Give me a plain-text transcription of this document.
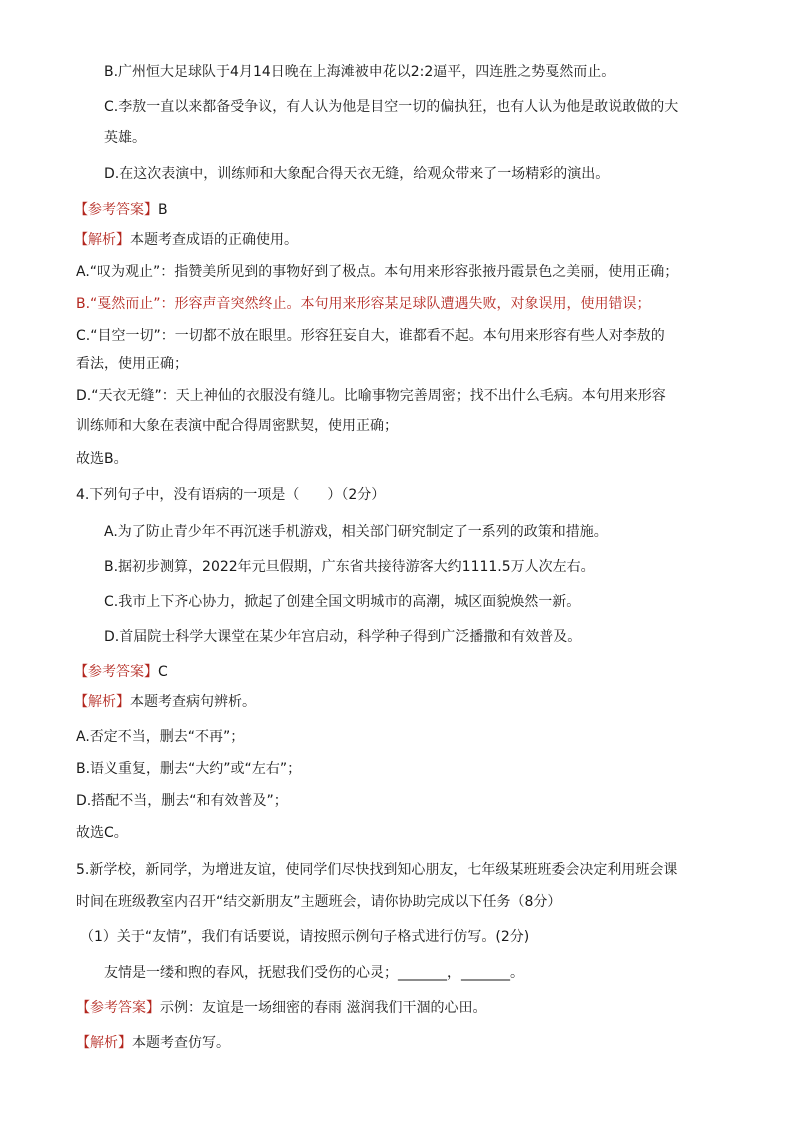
B.广州恒大足球队于4月14日晚在上海滩被申花以2:2逼平，四连胜之势戛然而止。
C.李敖一直以来都备受争议，有人认为他是目空一切的偏执狂，也有人认为他是敢说敢做的大
英雄。
D.在这次表演中，训练师和大象配合得天衣无缝，给观众带来了一场精彩的演出。
【参考答案】B
【解析】本题考查成语的正确使用。
A.“叹为观止”：指赞美所见到的事物好到了极点。本句用来形容张掖丹霞景色之美丽，使用正确；
B.“戛然而止”：形容声音突然终止。本句用来形容某足球队遭遇失败，对象误用，使用错误；
C.“目空一切”：一切都不放在眼里。形容狂妄自大，谁都看不起。本句用来形容有些人对李敖的
看法，使用正确；
D.“天衣无缝”：天上神仙的衣服没有缝儿。比喻事物完善周密；找不出什么毛病。本句用来形容
训练师和大象在表演中配合得周密默契，使用正确；
故选B。
4.下列句子中，没有语病的一项是（　　）（2分）
A.为了防止青少年不再沉迷手机游戏，相关部门研究制定了一系列的政策和措施。
B.据初步测算，2022年元旦假期，广东省共接待游客大约1111.5万人次左右。
C.我市上下齐心协力，掀起了创建全国文明城市的高潮，城区面貌焕然一新。
D.首届院士科学大课堂在某少年宫启动，科学种子得到广泛播撒和有效普及。
【参考答案】C
【解析】本题考查病句辨析。
A.否定不当，删去“不再”；
B.语义重复，删去“大约”或“左右”；
D.搭配不当，删去“和有效普及”；
故选C。
5.新学校，新同学，为增进友谊，使同学们尽快找到知心朋友，七年级某班班委会决定利用班会课
时间在班级教室内召开“结交新朋友”主题班会，请你协助完成以下任务（8分）
（1）关于“友情”，我们有话要说，请按照示例句子格式进行仿写。(2分)
友情是一缕和煦的春风，抚慰我们受伤的心灵；_______，_______。
【参考答案】示例：友谊是一场细密的春雨 滋润我们干涸的心田。
【解析】本题考查仿写。
